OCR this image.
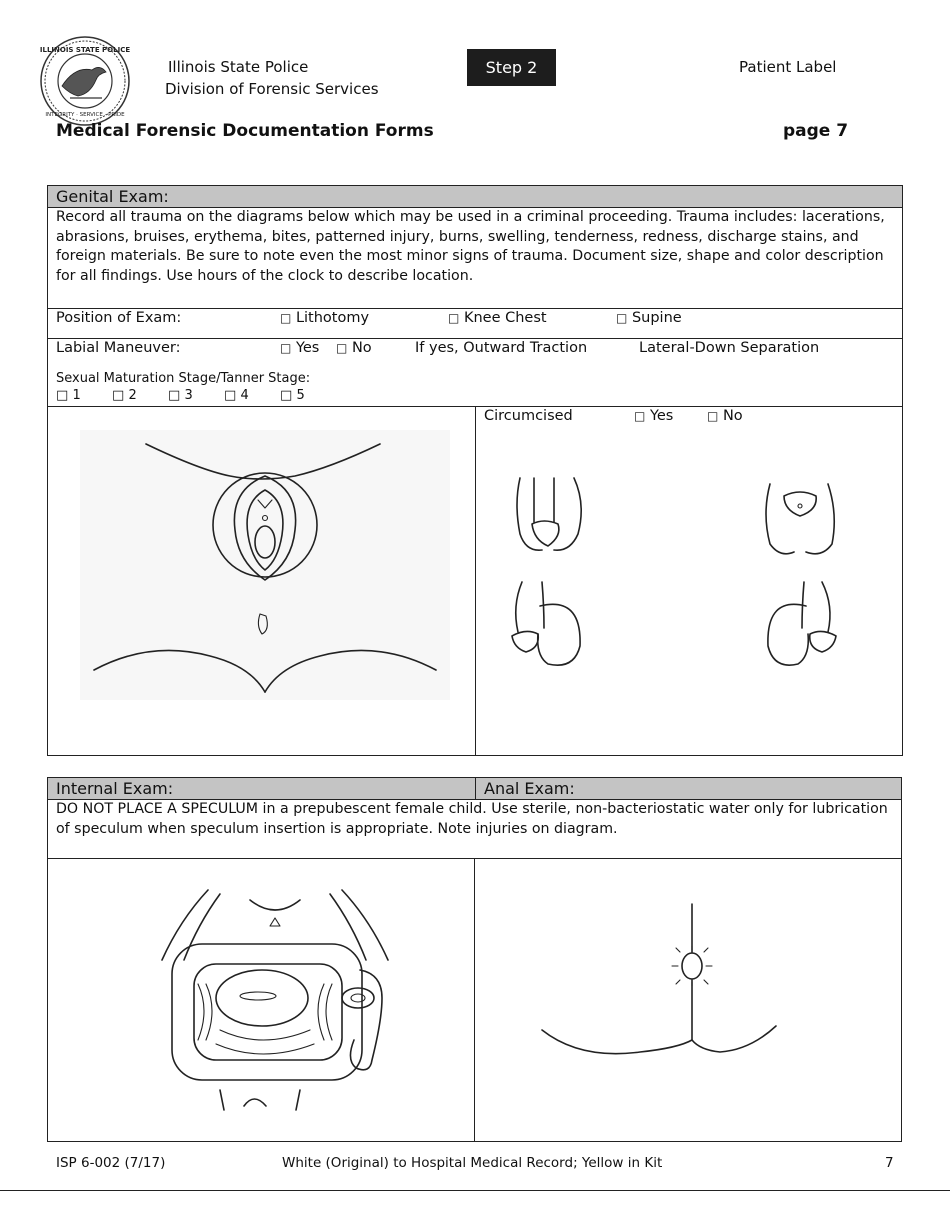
ILLINOIS STATE POLICE
INTEGRITY · SERVICE · PRIDE
Illinois State Police
Division of Forensic Services
Step 2	Patient Label
Medical Forensic Documentation Forms	page 7
Genital Exam:
Record all trauma on the diagrams below which may be used in a criminal proceeding. Trauma includes: lacerations, abrasions, bruises, erythema, bites, patterned injury, burns, swelling, tenderness, redness, discharge stains, and foreign materials. Be sure to note even the most minor signs of trauma. Document size, shape and color description for all findings. Use hours of the clock to describe location.
Position of Exam:	□ Lithotomy	□ Knee Chest	□ Supine
Labial Maneuver:	□ Yes □ No	If yes, Outward Traction	Lateral-Down Separation
Sexual Maturation Stage/Tanner Stage:
□ 1 □ 2 □ 3 □ 4 □ 5
Circumcised	□ Yes	□ No
Internal Exam:	Anal Exam:
DO NOT PLACE A SPECULUM in a prepubescent female child. Use sterile, non-bacteriostatic water only for lubrication of speculum when speculum insertion is appropriate. Note injuries on diagram.
ISP 6-002 (7/17)	White (Original) to Hospital Medical Record; Yellow in Kit	7
